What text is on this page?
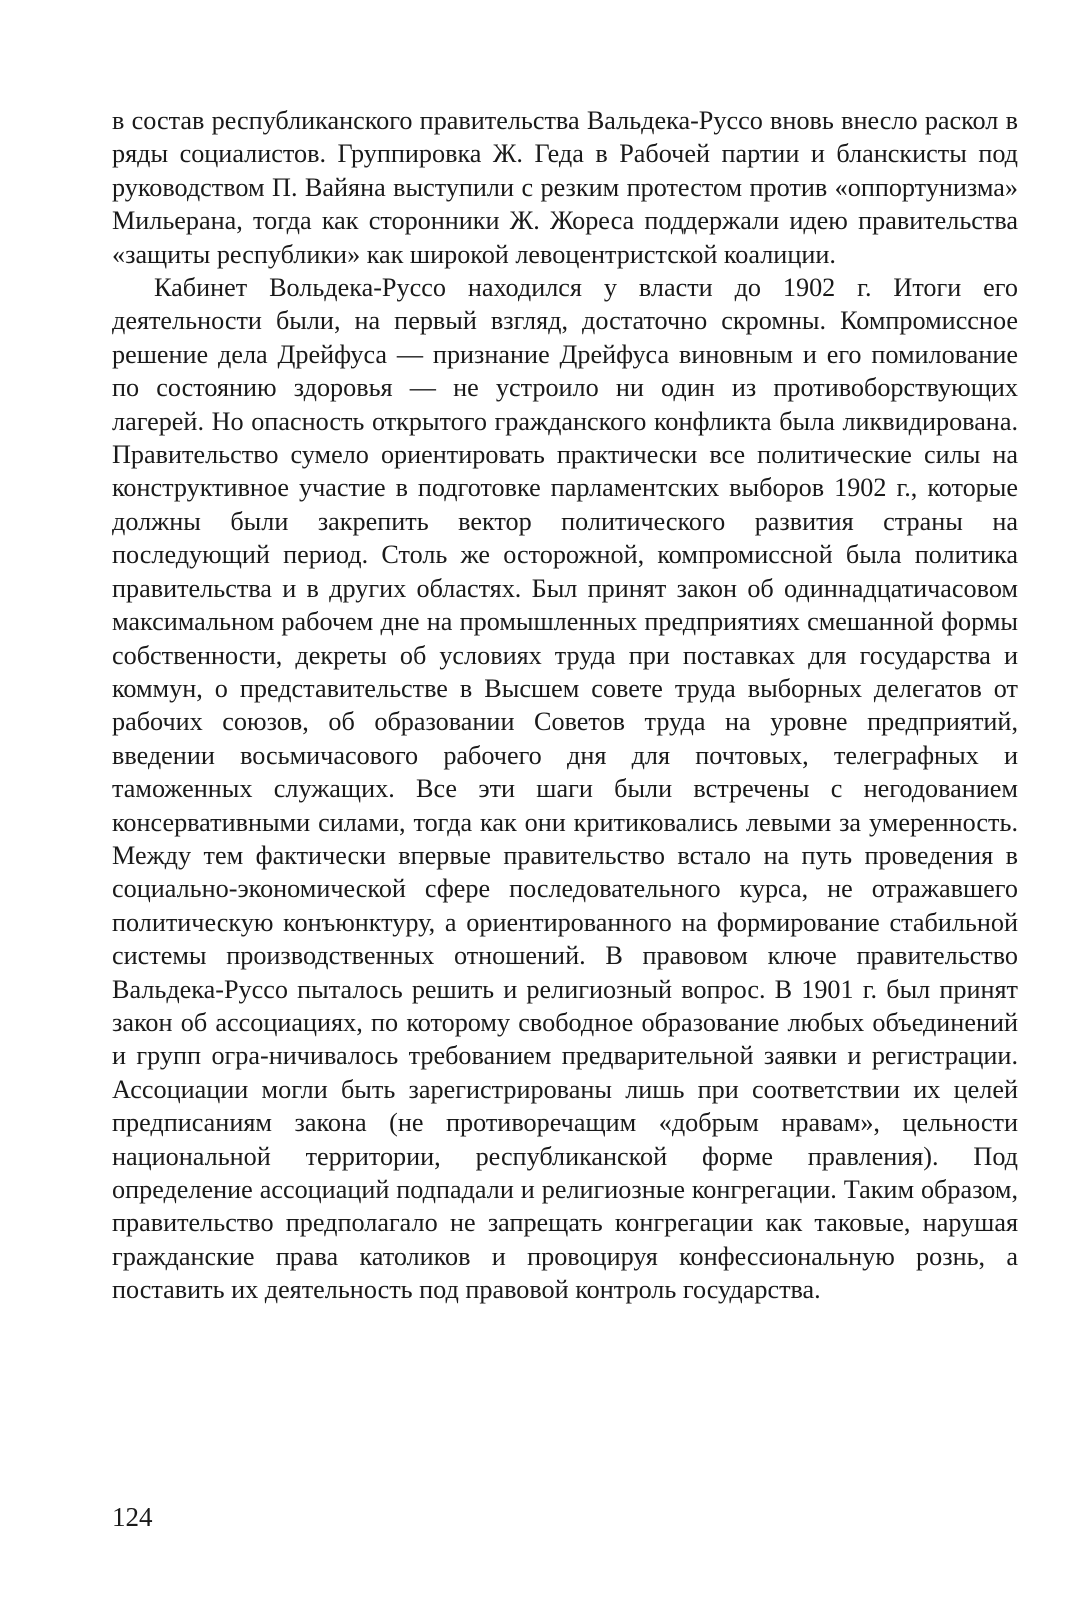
в состав республиканского правительства Вальдека-Руссо вновь внесло раскол в ряды социалистов. Группировка Ж. Геда в Рабочей партии и бланскисты под руководством П. Вайяна выступили с резким протестом против «оппортунизма» Мильерана, тогда как сторонники Ж. Жореса поддержали идею правительства «защиты республики» как широкой левоцентристской коалиции.

Кабинет Вольдека-Руссо находился у власти до 1902 г. Итоги его деятельности были, на первый взгляд, достаточно скромны. Компромиссное решение дела Дрейфуса — признание Дрейфуса виновным и его помилование по состоянию здоровья — не устроило ни один из противоборствующих лагерей. Но опасность открытого гражданского конфликта была ликвидирована. Правительство сумело ориентировать практически все политические силы на конструктивное участие в подготовке парламентских выборов 1902 г., которые должны были закрепить вектор политического развития страны на последующий период. Столь же осторожной, компромиссной была политика правительства и в других областях. Был принят закон об одиннадцатичасовом максимальном рабочем дне на промышленных предприятиях смешанной формы собственности, декреты об условиях труда при поставках для государства и коммун, о представительстве в Высшем совете труда выборных делегатов от рабочих союзов, об образовании Советов труда на уровне предприятий, введении восьмичасового рабочего дня для почтовых, телеграфных и таможенных служащих. Все эти шаги были встречены с негодованием консервативными силами, тогда как они критиковались левыми за умеренность. Между тем фактически впервые правительство встало на путь проведения в социально-экономической сфере последовательного курса, не отражавшего политическую конъюнктуру, а ориентированного на формирование стабильной системы производственных отношений. В правовом ключе правительство Вальдека-Руссо пыталось решить и религиозный вопрос. В 1901 г. был принят закон об ассоциациях, по которому свободное образование любых объединений и групп огра-ничивалось требованием предварительной заявки и регистрации. Ассоциации могли быть зарегистрированы лишь при соответствии их целей предписаниям закона (не противоречащим «добрым нравам», цельности национальной территории, республиканской форме правления). Под определение ассоциаций подпадали и религиозные конгрегации. Таким образом, правительство предполагало не запрещать конгрегации как таковые, нарушая гражданские права католиков и провоцируя конфессиональную рознь, а поставить их деятельность под правовой контроль государства.

124
